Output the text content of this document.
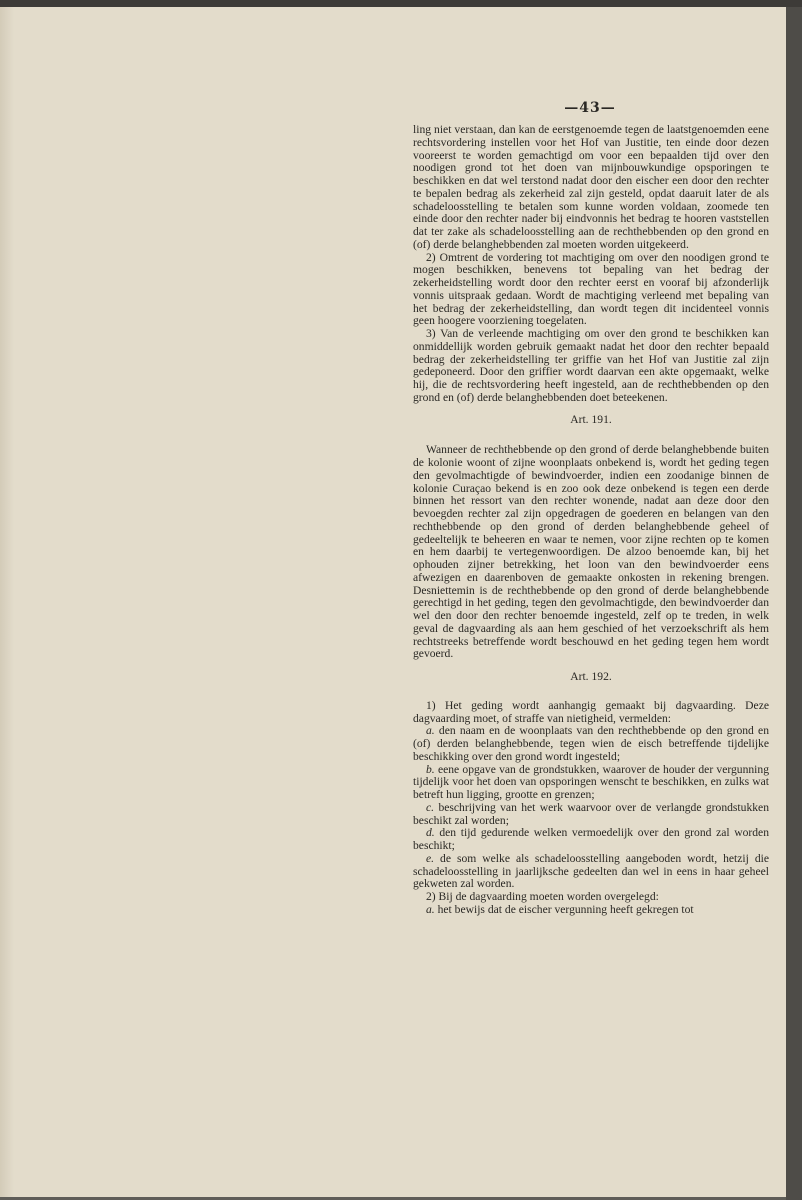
—43—

ling niet verstaan, dan kan de eerstgenoemde tegen de laatstgenoemden eene rechtsvordering instellen voor het Hof van Justitie, ten einde door dezen vooreerst te worden gemachtigd om voor een bepaalden tijd over den noodigen grond tot het doen van mijnbouwkundige opsporingen te beschikken en dat wel terstond nadat door den eischer een door den rechter te bepalen bedrag als zekerheid zal zijn gesteld, opdat daaruit later de als schadeloosstelling te betalen som kunne worden voldaan, zoomede ten einde door den rechter nader bij eindvonnis het bedrag te hooren vaststellen dat ter zake als schadeloosstelling aan de rechthebbenden op den grond en (of) derde belanghebbenden zal moeten worden uitgekeerd.

2) Omtrent de vordering tot machtiging om over den noodigen grond te mogen beschikken, benevens tot bepaling van het bedrag der zekerheidstelling wordt door den rechter eerst en vooraf bij afzonderlijk vonnis uitspraak gedaan. Wordt de machtiging verleend met bepaling van het bedrag der zekerheidstelling, dan wordt tegen dit incidenteel vonnis geen hoogere voorziening toegelaten.

3) Van de verleende machtiging om over den grond te beschikken kan onmiddellijk worden gebruik gemaakt nadat het door den rechter bepaald bedrag der zekerheidstelling ter griffie van het Hof van Justitie zal zijn gedeponeerd. Door den griffier wordt daarvan een akte opgemaakt, welke hij, die de rechtsvordering heeft ingesteld, aan de rechthebbenden op den grond en (of) derde belanghebbenden doet beteekenen.

Art. 191.

Wanneer de rechthebbende op den grond of derde belanghebbende buiten de kolonie woont of zijne woonplaats onbekend is, wordt het geding tegen den gevolmachtigde of bewindvoerder, indien een zoodanige binnen de kolonie Curaçao bekend is en zoo ook deze onbekend is tegen een derde binnen het ressort van den rechter wonende, nadat aan deze door den bevoegden rechter zal zijn opgedragen de goederen en belangen van den rechthebbende op den grond of derden belanghebbende geheel of gedeeltelijk te beheeren en waar te nemen, voor zijne rechten op te komen en hem daarbij te vertegenwoordigen. De alzoo benoemde kan, bij het ophouden zijner betrekking, het loon van den bewindvoerder eens afwezigen en daarenboven de gemaakte onkosten in rekening brengen. Desniettemin is de rechthebbende op den grond of derde belanghebbende gerechtigd in het geding, tegen den gevolmachtigde, den bewindvoerder dan wel den door den rechter benoemde ingesteld, zelf op te treden, in welk geval de dagvaarding als aan hem geschied of het verzoekschrift als hem rechtstreeks betreffende wordt beschouwd en het geding tegen hem wordt gevoerd.

Art. 192.

1) Het geding wordt aanhangig gemaakt bij dagvaarding. Deze dagvaarding moet, of straffe van nietigheid, vermelden:

a. den naam en de woonplaats van den rechthebbende op den grond en (of) derden belanghebbende, tegen wien de eisch betreffende tijdelijke beschikking over den grond wordt ingesteld;

b. eene opgave van de grondstukken, waarover de houder der vergunning tijdelijk voor het doen van opsporingen wenscht te beschikken, en zulks wat betreft hun ligging, grootte en grenzen;

c. beschrijving van het werk waarvoor over de verlangde grondstukken beschikt zal worden;

d. den tijd gedurende welken vermoedelijk over den grond zal worden beschikt;

e. de som welke als schadeloosstelling aangeboden wordt, hetzij die schadeloosstelling in jaarlijksche gedeelten dan wel in eens in haar geheel gekweten zal worden.

2) Bij de dagvaarding moeten worden overgelegd:

a. het bewijs dat de eischer vergunning heeft gekregen tot
